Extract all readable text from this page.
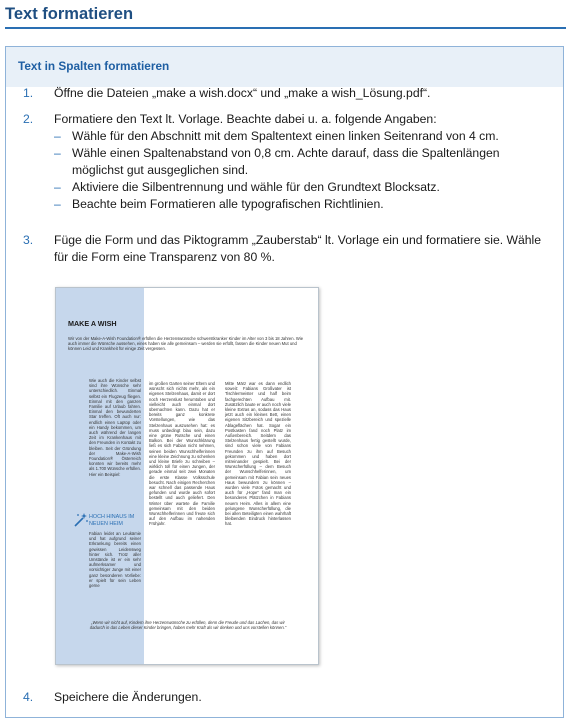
Text formatieren
Text in Spalten formatieren
1. Öffne die Dateien „make a wish.docx“ und „make a wish_Lösung.pdf“.
2. Formatiere den Text lt. Vorlage. Beachte dabei u. a. folgende Angaben:
– Wähle für den Abschnitt mit dem Spaltentext einen linken Seitenrand von 4 cm.
– Wähle einen Spaltenabstand von 0,8 cm. Achte darauf, dass die Spaltenlängen möglichst gut ausgeglichen sind.
– Aktiviere die Silbentrennung und wähle für den Grundtext Blocksatz.
– Beachte beim Formatieren alle typografischen Richtlinien.
3. Füge die Form und das Piktogramm „Zauberstab“ lt. Vorlage ein und formatiere sie. Wähle für die Form eine Transparenz von 80 %.
MAKE A WISH
Wir von der Make-A-Wish Foundation® erfüllen die Herzenswünsche schwerstkranker Kinder im Alter von 3 bis 18 Jahren. Wie auch immer die Wünsche aussehen, eines haben sie alle gemeinsam – werden sie erfüllt, fassen die Kinder neuen Mut und können Leid und Krankheit für einige Zeit vergessen.
Wie auch die Kinder selbst sind ihre Wünsche sehr unterschiedlich. Einmal selbst ein Flugzeug fliegen. Einmal mit den ganzen Familie auf Urlaub fahren. Einmal den bewunderten Star treffen. Oft auch nur: endlich einen Laptop oder ein Handy bekommen, um auch während der langen Zeit im Krankenhaus mit den Freunden in Kontakt zu bleiben. Seit der Gründung der Make-A-Wish Foundation® Österreich konnten wir bereits mehr als 1.700 Wünsche erfüllen. Hier ein Beispiel:
HOCH HINAUS IM NEUEN HEIM
Fabian leidet an Leukämie und hat aufgrund seiner Erkrankung bereits einen gewissen Leidensweg hinter sich. Trotz aller Umstände ist er ein sehr aufmerksamer und vorsichtiger Junge mit einer ganz besonderen Vorliebe: er spielt für sein Leben gerne
im großen Garten seiner Eltern und wünscht sich nichts mehr, als ein eigenes Stelzenhaus, damit er dort noch Herzenslust herumtoben und vielleicht auch einmal dort übernachten kann. Dazu hat er bereits ganz konkrete Vorstellungen, wie das Stelzenhaus auszusehen hat: es muss unbedingt blau sein, dazu eine grüne Rutsche und einen Balkon. Bei der Wunschklärung ließ es sich Fabian nicht nehmen, seinen beiden Wunschhelferinnen eine kleine Zeichnung zu schenken und kleine Briefe zu schreiben – wirklich toll für einen Jungen, der gerade einmal seit zwei Monaten die erste Klasse Volksschule besucht. Nach einigen Recherchen war schnell das passende Haus gefunden und wurde auch sofort bestellt und auch geliefert. Den Winter über wartete die Familie gemeinsam mit den beiden Wunschhelferinnen und freute sich auf den Aufbau im nahenden Frühjahr.
Mitte März war es dann endlich soweit: Fabians Großvater ist Tischlermeister und half beim fachgerechten Aufbau mit. Zusätzlich baute er auch noch viele kleine Extras an, sodass das Haus jetzt auch ein kleines Bett, einen eigenen Sitzbereich und spezielle Ablageflächen hat. Sogar ein Postkasten fand noch Platz im Außenbereich. Seitdem das Stelzenhaus fertig gestellt wurde, sind schon viele von Fabians Freunden zu ihm auf Besuch gekommen und haben dort mitreinander gespielt. Bei der Wunscherfüllung – dem Besuch der Wunschhelferinnen, um gemeinsam mit Fabian sein neues Haus bewundern zu können – wurden viele Fotos gemacht und auch für „Hope“ fand man ein besonderes Plätzchen in Fabians neuem Heim. Alles in allem eine gelungene Wunscherfüllung, die bei allen Beteiligten einen wahrhaft bleibenden Eindruck hinterlassen hat.
„Wenn wir nicht auf, Kindern ihre Herzenswünsche zu erfüllen, denn die Freude und das Lachen, das wir dadurch in das Leben dieser Kinder bringen, haben mehr Kraft als wir denken und uns vorstellen können.“
4. Speichere die Änderungen.
